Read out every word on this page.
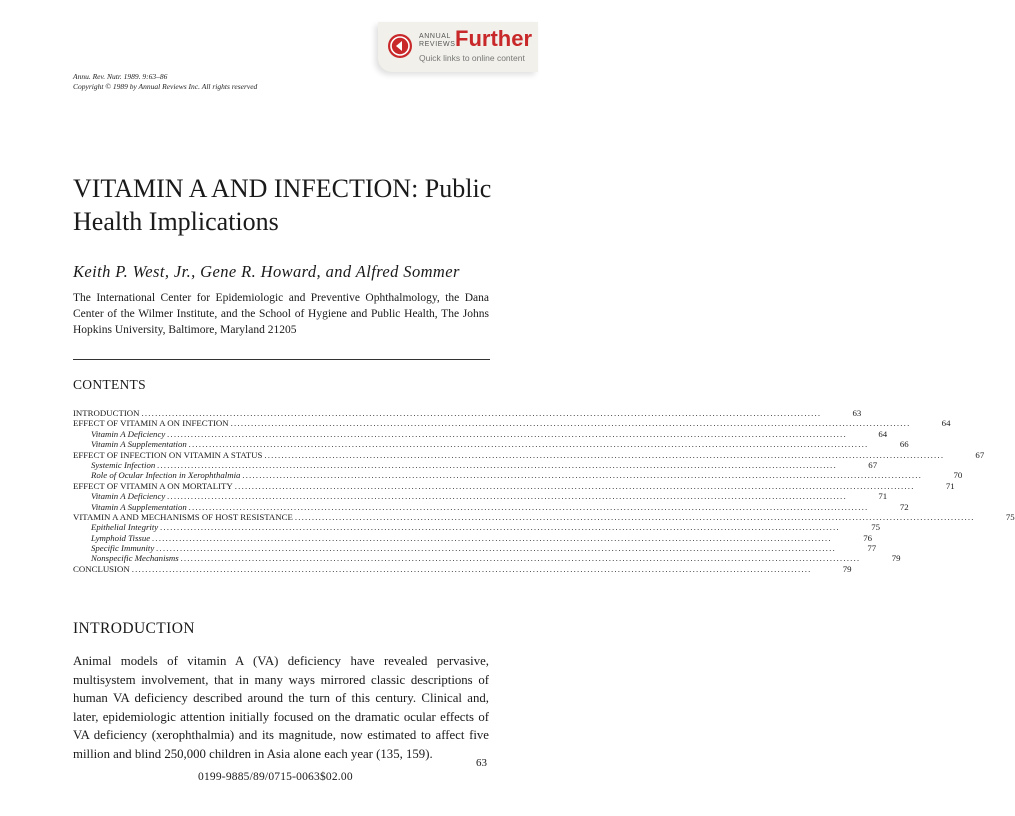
ANNUAL
REVIEWS Further
Quick links to online content
Annu. Rev. Nutr. 1989. 9:63–86
Copyright © 1989 by Annual Reviews Inc. All rights reserved
VITAMIN A AND INFECTION: Public Health Implications
Keith P. West, Jr., Gene R. Howard, and Alfred Sommer
The International Center for Epidemiologic and Preventive Ophthalmology, the Dana Center of the Wilmer Institute, and the School of Hygiene and Public Health, The Johns Hopkins University, Baltimore, Maryland 21205
CONTENTS
INTRODUCTION ........................................................................................................................................................................................................	63
EFFECT OF VITAMIN A ON INFECTION ........................................................................................................................................................................................................	64
Vitamin A Deficiency ........................................................................................................................................................................................................	64
Vitamin A Supplementation ........................................................................................................................................................................................................	66
EFFECT OF INFECTION ON VITAMIN A STATUS ........................................................................................................................................................................................................	67
Systemic Infection ........................................................................................................................................................................................................	67
Role of Ocular Infection in Xerophthalmia ........................................................................................................................................................................................................	70
EFFECT OF VITAMIN A ON MORTALITY ........................................................................................................................................................................................................	71
Vitamin A Deficiency ........................................................................................................................................................................................................	71
Vitamin A Supplementation ........................................................................................................................................................................................................	72
VITAMIN A AND MECHANISMS OF HOST RESISTANCE ........................................................................................................................................................................................................	75
Epithelial Integrity ........................................................................................................................................................................................................	75
Lymphoid Tissue ........................................................................................................................................................................................................	76
Specific Immunity ........................................................................................................................................................................................................	77
Nonspecific Mechanisms ........................................................................................................................................................................................................	79
CONCLUSION ........................................................................................................................................................................................................	79
INTRODUCTION
Animal models of vitamin A (VA) deficiency have revealed pervasive, multisystem involvement, that in many ways mirrored classic descriptions of human VA deficiency described around the turn of this century. Clinical and, later, epidemiologic attention initially focused on the dramatic ocular effects of VA deficiency (xerophthalmia) and its magnitude, now estimated to affect five million and blind 250,000 children in Asia alone each year (135, 159).
63
0199-9885/89/0715-0063$02.00
